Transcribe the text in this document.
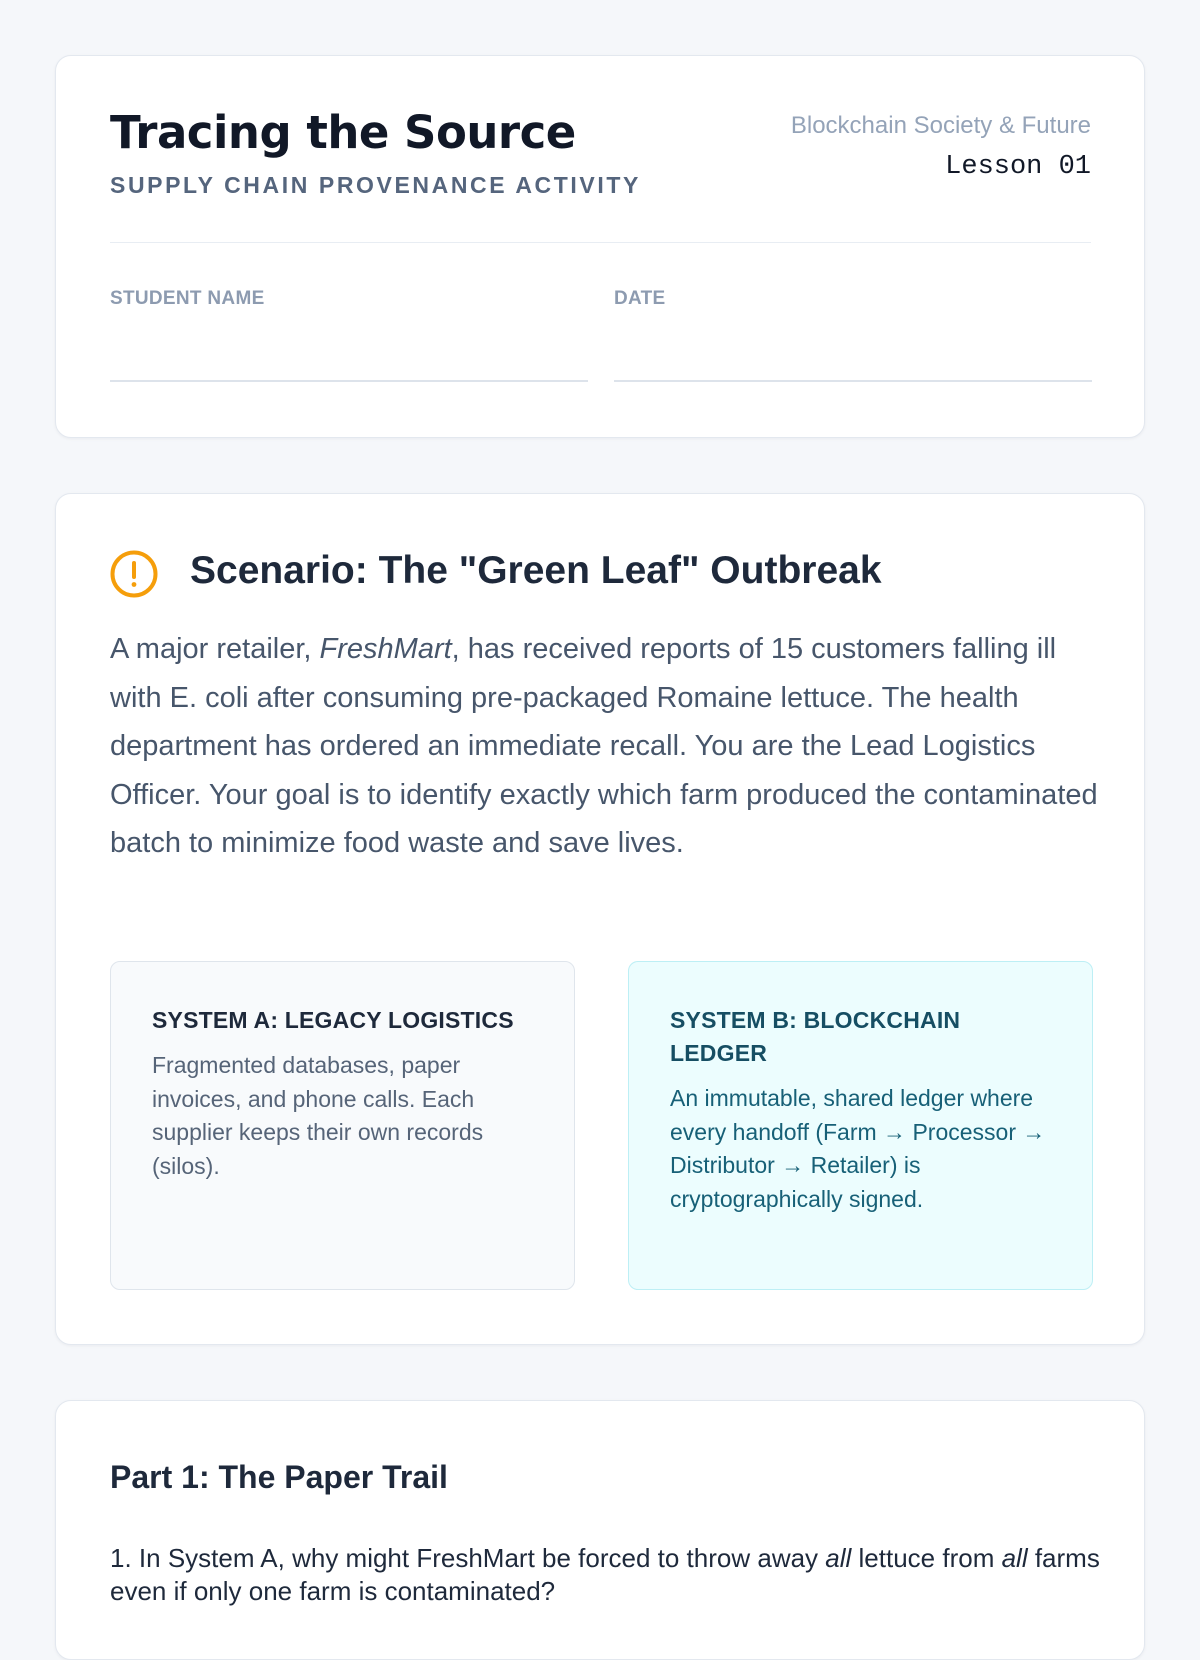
Tracing the Source
SUPPLY CHAIN PROVENANCE ACTIVITY
Blockchain Society & Future
Lesson 01
STUDENT NAME	DATE
Scenario: The "Green Leaf" Outbreak

A major retailer, FreshMart, has received reports of 15 customers falling ill with E. coli after consuming pre-packaged Romaine lettuce. The health department has ordered an immediate recall. You are the Lead Logistics Officer. Your goal is to identify exactly which farm produced the contaminated batch to minimize food waste and save lives.

SYSTEM A: LEGACY LOGISTICS

Fragmented databases, paper invoices, and phone calls. Each supplier keeps their own records (silos).

SYSTEM B: BLOCKCHAIN LEDGER

An immutable, shared ledger where every handoff (Farm → Processor → Distributor → Retailer) is cryptographically signed.

Part 1: The Paper Trail

1. In System A, why might FreshMart be forced to throw away all lettuce from all farms even if only one farm is contaminated?
